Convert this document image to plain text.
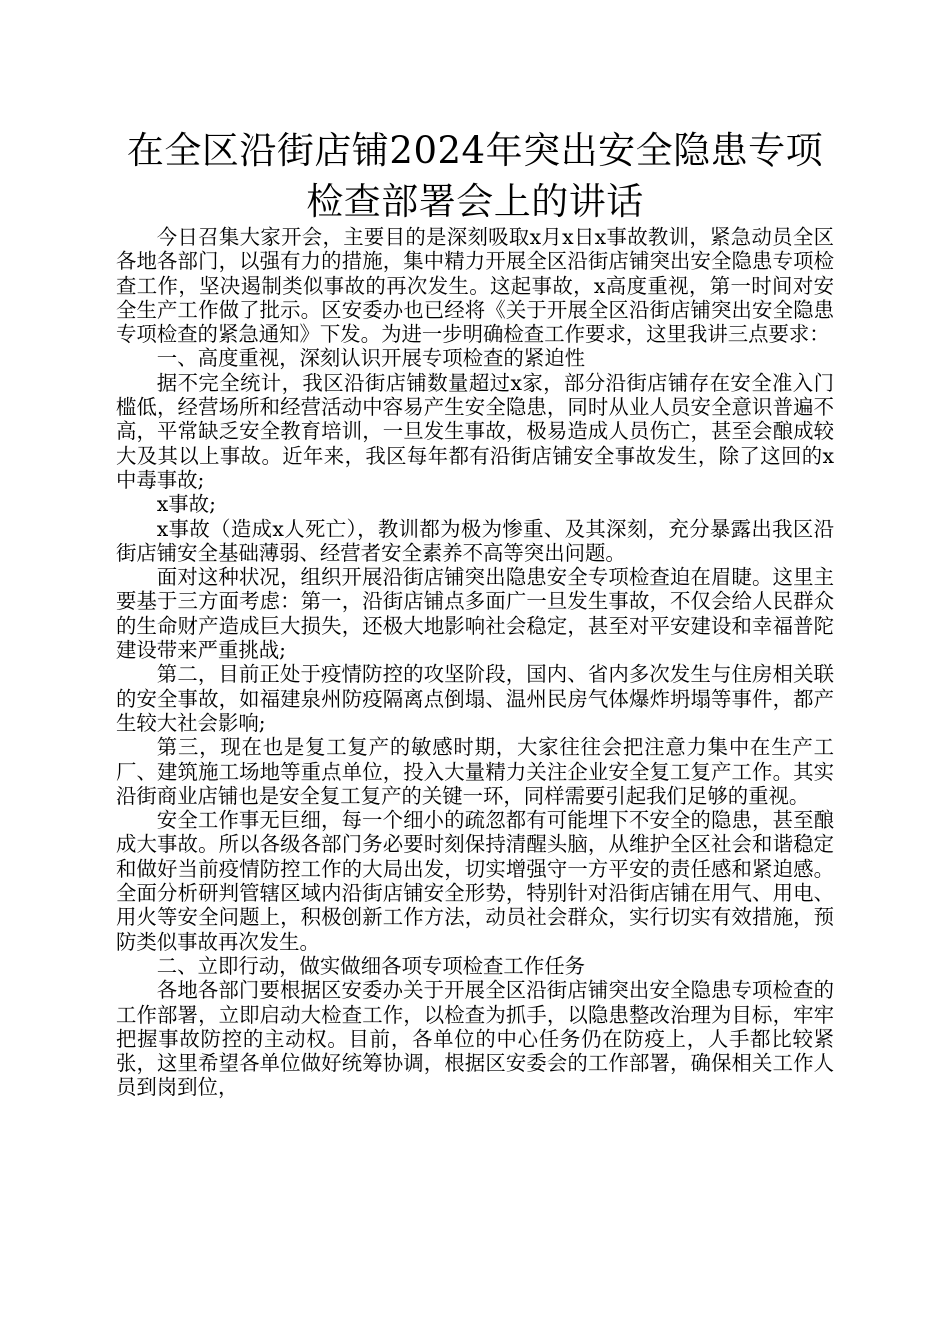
在全区沿街店铺2024年突出安全隐患专项
检查部署会上的讲话

今日召集大家开会，主要目的是深刻吸取x月x日x事故教训，紧急动员全区各地各部门，以强有力的措施，集中精力开展全区沿街店铺突出安全隐患专项检查工作，坚决遏制类似事故的再次发生。这起事故，x高度重视，第一时间对安全生产工作做了批示。区安委办也已经将《关于开展全区沿街店铺突出安全隐患专项检查的紧急通知》下发。为进一步明确检查工作要求，这里我讲三点要求：

一、高度重视，深刻认识开展专项检查的紧迫性

据不完全统计，我区沿街店铺数量超过x家，部分沿街店铺存在安全准入门槛低，经营场所和经营活动中容易产生安全隐患，同时从业人员安全意识普遍不高，平常缺乏安全教育培训，一旦发生事故，极易造成人员伤亡，甚至会酿成较大及其以上事故。近年来，我区每年都有沿街店铺安全事故发生，除了这回的x中毒事故;

x事故;

x事故（造成x人死亡），教训都为极为惨重、及其深刻，充分暴露出我区沿街店铺安全基础薄弱、经营者安全素养不高等突出问题。

面对这种状况，组织开展沿街店铺突出隐患安全专项检查迫在眉睫。这里主要基于三方面考虑：第一，沿街店铺点多面广一旦发生事故，不仅会给人民群众的生命财产造成巨大损失，还极大地影响社会稳定，甚至对平安建设和幸福普陀建设带来严重挑战;

第二，目前正处于疫情防控的攻坚阶段，国内、省内多次发生与住房相关联的安全事故，如福建泉州防疫隔离点倒塌、温州民房气体爆炸坍塌等事件，都产生较大社会影响;

第三，现在也是复工复产的敏感时期，大家往往会把注意力集中在生产工厂、建筑施工场地等重点单位，投入大量精力关注企业安全复工复产工作。其实沿街商业店铺也是安全复工复产的关键一环，同样需要引起我们足够的重视。

安全工作事无巨细，每一个细小的疏忽都有可能埋下不安全的隐患，甚至酿成大事故。所以各级各部门务必要时刻保持清醒头脑，从维护全区社会和谐稳定和做好当前疫情防控工作的大局出发，切实增强守一方平安的责任感和紧迫感。全面分析研判管辖区域内沿街店铺安全形势，特别针对沿街店铺在用气、用电、用火等安全问题上，积极创新工作方法，动员社会群众，实行切实有效措施，预防类似事故再次发生。

二、立即行动，做实做细各项专项检查工作任务

各地各部门要根据区安委办关于开展全区沿街店铺突出安全隐患专项检查的工作部署，立即启动大检查工作，以检查为抓手，以隐患整改治理为目标，牢牢把握事故防控的主动权。目前，各单位的中心任务仍在防疫上，人手都比较紧张，这里希望各单位做好统筹协调，根据区安委会的工作部署，确保相关工作人员到岗到位，
